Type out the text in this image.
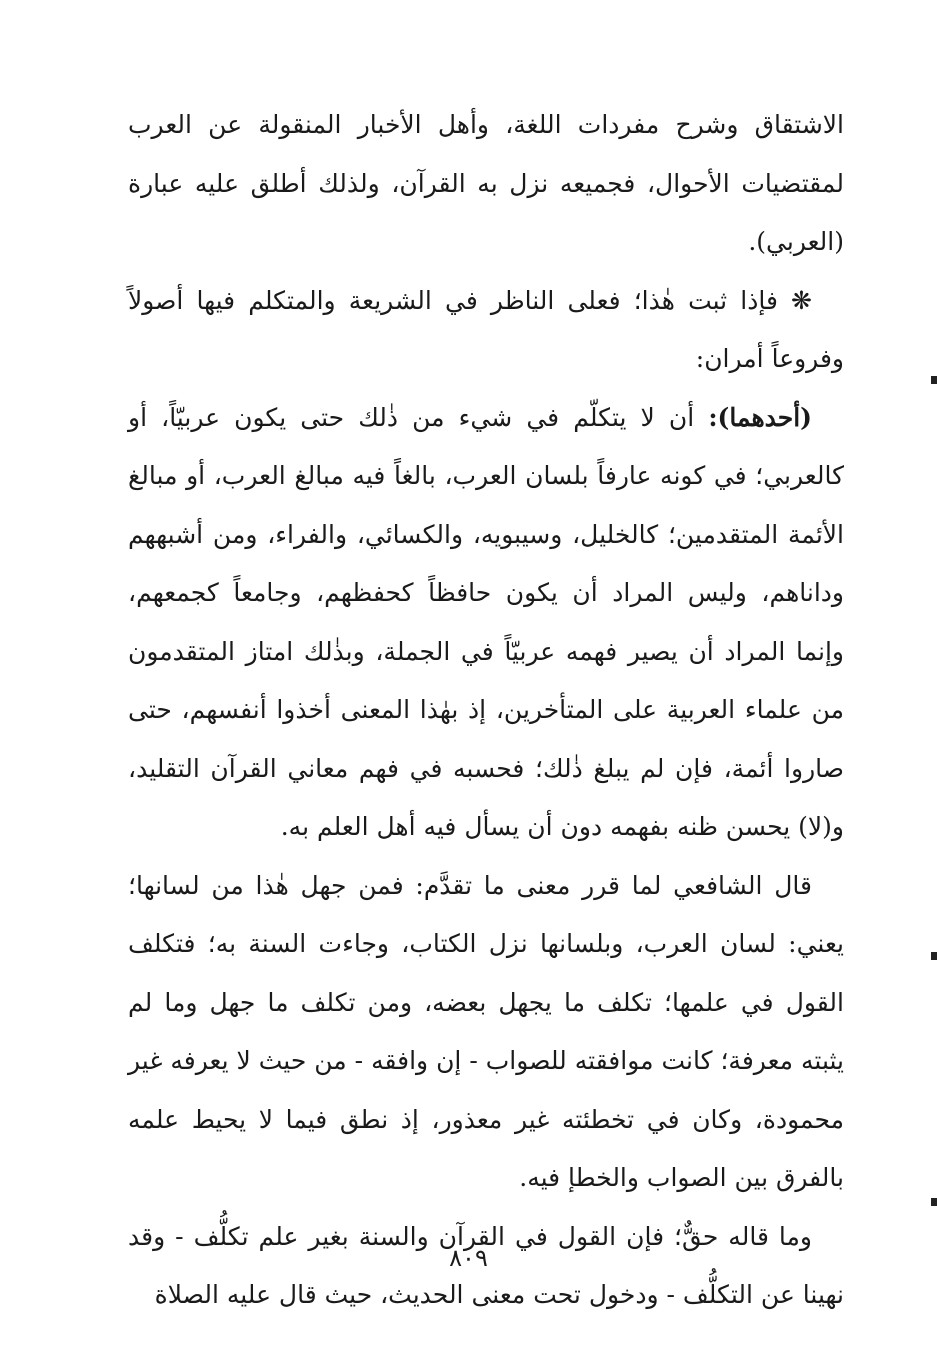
الاشتقاق وشرح مفردات اللغة، وأهل الأخبار المنقولة عن العرب لمقتضيات الأحوال، فجميعه نزل به القرآن، ولذلك أطلق عليه عبارة (العربي).

❋ فإذا ثبت هٰذا؛ فعلى الناظر في الشريعة والمتكلم فيها أصولاً وفروعاً أمران:

(أحدهما): أن لا يتكلّم في شيء من ذٰلك حتى يكون عربيّاً، أو كالعربي؛ في كونه عارفاً بلسان العرب، بالغاً فيه مبالغ العرب، أو مبالغ الأئمة المتقدمين؛ كالخليل، وسيبويه، والكسائي، والفراء، ومن أشبههم وداناهم، وليس المراد أن يكون حافظاً كحفظهم، وجامعاً كجمعهم، وإنما المراد أن يصير فهمه عربيّاً في الجملة، وبذٰلك امتاز المتقدمون من علماء العربية على المتأخرين، إذ بهٰذا المعنى أخذوا أنفسهم، حتى صاروا أئمة، فإن لم يبلغ ذٰلك؛ فحسبه في فهم معاني القرآن التقليد، و(لا) يحسن ظنه بفهمه دون أن يسأل فيه أهل العلم به.

قال الشافعي لما قرر معنى ما تقدَّم: فمن جهل هٰذا من لسانها؛ يعني: لسان العرب، وبلسانها نزل الكتاب، وجاءت السنة به؛ فتكلف القول في علمها؛ تكلف ما يجهل بعضه، ومن تكلف ما جهل وما لم يثبته معرفة؛ كانت موافقته للصواب - إن وافقه - من حيث لا يعرفه غير محمودة، وكان في تخطئته غير معذور، إذ نطق فيما لا يحيط علمه بالفرق بين الصواب والخطإ فيه.

وما قاله حقٌّ؛ فإن القول في القرآن والسنة بغير علم تكلُّف - وقد نهينا عن التكلُّف - ودخول تحت معنى الحديث، حيث قال عليه الصلاة

٨٠٩
